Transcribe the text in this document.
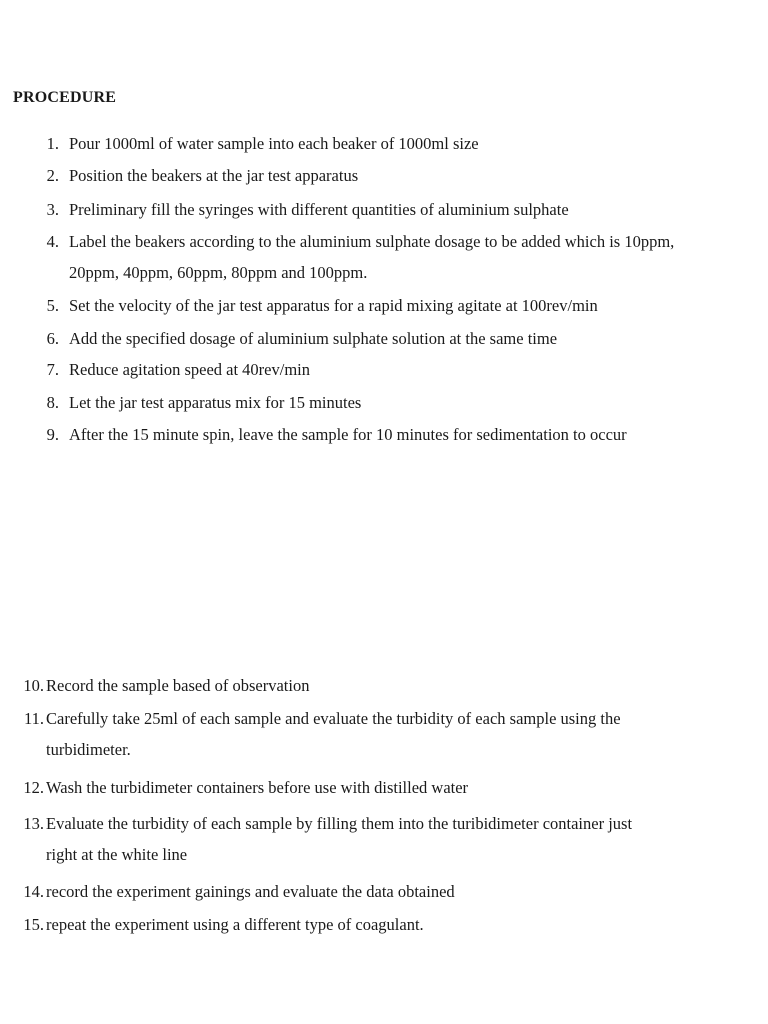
PROCEDURE
1. Pour 1000ml of water sample into each beaker of 1000ml size
2. Position the beakers at the jar test apparatus
3. Preliminary fill the syringes with different quantities of aluminium sulphate
4. Label the beakers according to the aluminium sulphate dosage to be added which is 10ppm,
20ppm, 40ppm, 60ppm, 80ppm and 100ppm.
5. Set the velocity of the jar test apparatus for a rapid mixing agitate at 100rev/min
6. Add the specified dosage of aluminium sulphate solution at the same time
7. Reduce agitation speed at 40rev/min
8. Let the jar test apparatus mix for 15 minutes
9. After the 15 minute spin, leave the sample for 10 minutes for sedimentation to occur
10. Record the sample based of observation
11. Carefully take 25ml of each sample and evaluate the turbidity of each sample using the
turbidimeter.
12. Wash the turbidimeter containers before use with distilled water
13. Evaluate the turbidity of each sample by filling them into the turibidimeter container just
right at the white line
14. record the experiment gainings and evaluate the data obtained
15. repeat the experiment using a different type of coagulant.
